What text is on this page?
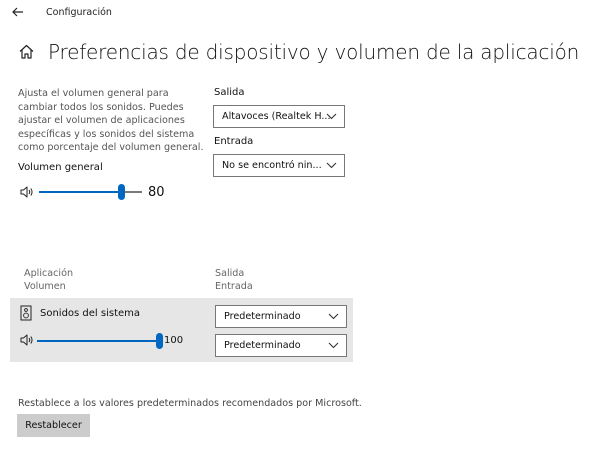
Configuración
Preferencias de dispositivo y volumen de la aplicación
Ajusta el volumen general para cambiar todos los sonidos. Puedes ajustar el volumen de aplicaciones específicas y los sonidos del sistema como porcentaje del volumen general.
Volumen general
80
Salida
Altavoces (Realtek H...
Entrada
No se encontró nin...
Aplicación
Volumen
Salida
Entrada
Sonidos del sistema
100
Predeterminado
Predeterminado
Restablece a los valores predeterminados recomendados por Microsoft.
Restablecer
